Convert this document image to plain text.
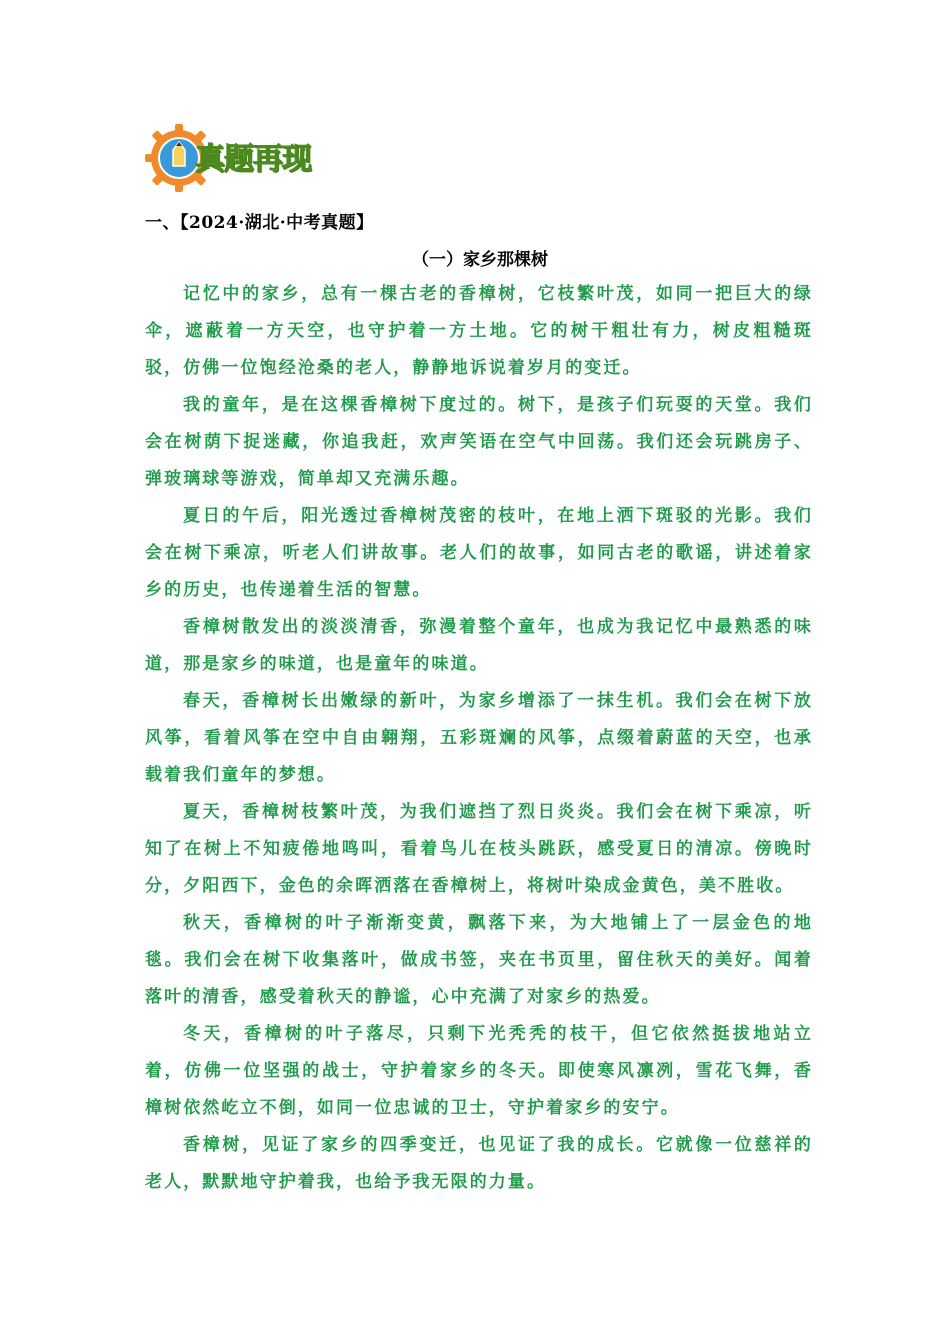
真题再现
一、【2024·湖北·中考真题】
（一）家乡那棵树

记忆中的家乡，总有一棵古老的香樟树，它枝繁叶茂，如同一把巨大的绿伞，遮蔽着一方天空，也守护着一方土地。它的树干粗壮有力，树皮粗糙斑驳，仿佛一位饱经沧桑的老人，静静地诉说着岁月的变迁。

我的童年，是在这棵香樟树下度过的。树下，是孩子们玩耍的天堂。我们会在树荫下捉迷藏，你追我赶，欢声笑语在空气中回荡。我们还会玩跳房子、弹玻璃球等游戏，简单却又充满乐趣。

夏日的午后，阳光透过香樟树茂密的枝叶，在地上洒下斑驳的光影。我们会在树下乘凉，听老人们讲故事。老人们的故事，如同古老的歌谣，讲述着家乡的历史，也传递着生活的智慧。

香樟树散发出的淡淡清香，弥漫着整个童年，也成为我记忆中最熟悉的味道，那是家乡的味道，也是童年的味道。

春天，香樟树长出嫩绿的新叶，为家乡增添了一抹生机。我们会在树下放风筝，看着风筝在空中自由翱翔，五彩斑斓的风筝，点缀着蔚蓝的天空，也承载着我们童年的梦想。

夏天，香樟树枝繁叶茂，为我们遮挡了烈日炎炎。我们会在树下乘凉，听知了在树上不知疲倦地鸣叫，看着鸟儿在枝头跳跃，感受夏日的清凉。傍晚时分，夕阳西下，金色的余晖洒落在香樟树上，将树叶染成金黄色，美不胜收。

秋天，香樟树的叶子渐渐变黄，飘落下来，为大地铺上了一层金色的地毯。我们会在树下收集落叶，做成书签，夹在书页里，留住秋天的美好。闻着落叶的清香，感受着秋天的静谧，心中充满了对家乡的热爱。

冬天，香樟树的叶子落尽，只剩下光秃秃的枝干，但它依然挺拔地站立着，仿佛一位坚强的战士，守护着家乡的冬天。即使寒风凛冽，雪花飞舞，香樟树依然屹立不倒，如同一位忠诚的卫士，守护着家乡的安宁。

香樟树，见证了家乡的四季变迁，也见证了我的成长。它就像一位慈祥的老人，默默地守护着我，也给予我无限的力量。
